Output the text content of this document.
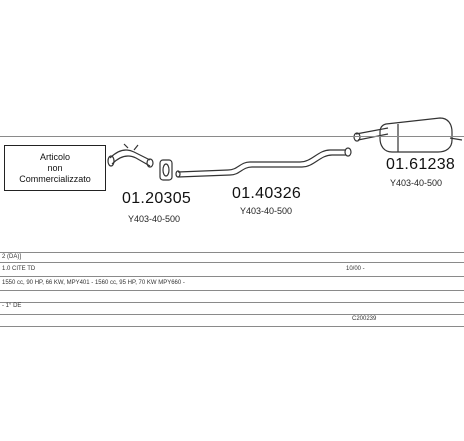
Articolo
non
Commercializzato
01.20305
Y403-40-500
01.40326
Y403-40-500
01.61238
Y403-40-500
2 (DA)]
1.0 CITE TD	10/00 -
1550 cc, 90 HP, 66 KW, MPY401 - 1560 cc, 95 HP, 70 KW MPY660 -
- 1° DE
C200239
